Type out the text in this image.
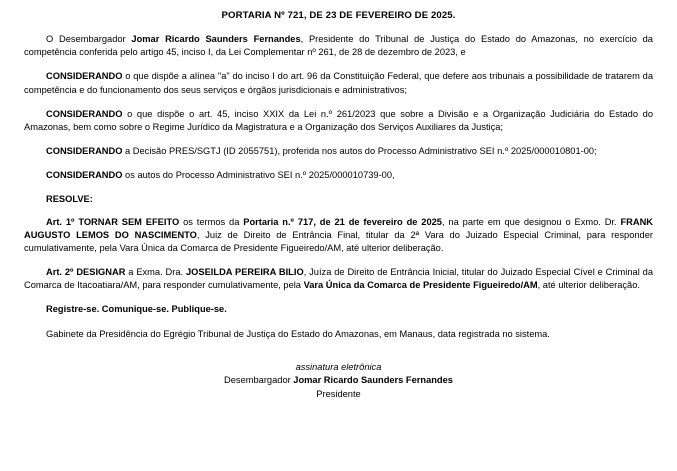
PORTARIA Nº 721, DE 23 DE FEVEREIRO DE 2025.

O Desembargador Jomar Ricardo Saunders Fernandes, Presidente do Tribunal de Justiça do Estado do Amazonas, no exercício da competência conferida pelo artigo 45, inciso I, da Lei Complementar nº 261, de 28 de dezembro de 2023, e

CONSIDERANDO o que dispõe a alínea "a" do inciso I do art. 96 da Constituição Federal, que defere aos tribunais a possibilidade de tratarem da competência e do funcionamento dos seus serviços e órgãos jurisdicionais e administrativos;

CONSIDERANDO o que dispõe o art. 45, inciso XXIX da Lei n.º 261/2023 que sobre a Divisão e a Organização Judiciária do Estado do Amazonas, bem como sobre o Regime Jurídico da Magistratura e a Organização dos Serviços Auxiliares da Justiça;

CONSIDERANDO a Decisão PRES/SGTJ (ID 2055751), proferida nos autos do Processo Administrativo SEI n.º 2025/000010801-00;

CONSIDERANDO os autos do Processo Administrativo SEI n.º 2025/000010739-00,

RESOLVE:

Art. 1º TORNAR SEM EFEITO os termos da Portaria n.º 717, de 21 de fevereiro de 2025, na parte em que designou o Exmo. Dr. FRANK AUGUSTO LEMOS DO NASCIMENTO, Juiz de Direito de Entrância Final, titular da 2ª Vara do Juizado Especial Criminal, para responder cumulativamente, pela Vara Única da Comarca de Presidente Figueiredo/AM, até ulterior deliberação.

Art. 2º DESIGNAR a Exma. Dra. JOSEILDA PEREIRA BILIO, Juíza de Direito de Entrância Inicial, titular do Juizado Especial Cível e Criminal da Comarca de Itacoatiara/AM, para responder cumulativamente, pela Vara Única da Comarca de Presidente Figueiredo/AM, até ulterior deliberação.

Registre-se. Comunique-se. Publique-se.

Gabinete da Presidência do Egrégio Tribunal de Justiça do Estado do Amazonas, em Manaus, data registrada no sistema.

assinatura eletrônica
Desembargador Jomar Ricardo Saunders Fernandes
Presidente
